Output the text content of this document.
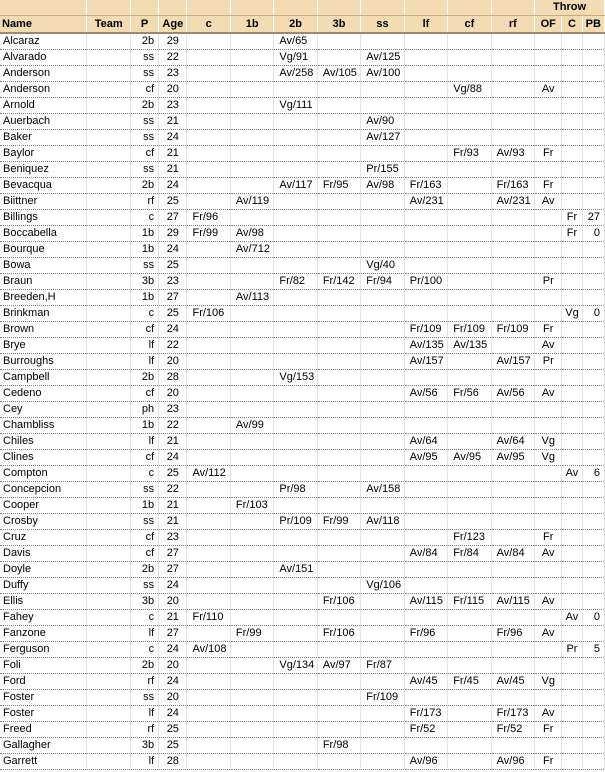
												Throw		
Name	Team	P	Age	c	1b	2b	3b	ss	lf	cf	rf	OF	C	PB
Alcaraz		2b	29			Av/65								
Alvarado		ss	22			Vg/91		Av/125						
Anderson		ss	23			Av/258	Av/105	Av/100						
Anderson		cf	20							Vg/88		Av		
Arnold		2b	23			Vg/111								
Auerbach		ss	21					Av/90						
Baker		ss	24					Av/127						
Baylor		cf	21							Fr/93	Av/93	Fr		
Beniquez		ss	21					Pr/155						
Bevacqua		2b	24			Av/117	Fr/95	Av/98	Fr/163		Fr/163	Fr		
Biittner		rf	25		Av/119				Av/231		Av/231	Av		
Billings		c	27	Fr/96									Fr	27
Boccabella		1b	29	Fr/99	Av/98								Fr	0
Bourque		1b	24		Av/712									
Bowa		ss	25					Vg/40						
Braun		3b	23			Fr/82	Fr/142	Fr/94	Pr/100			Pr		
Breeden,H		1b	27		Av/113									
Brinkman		c	25	Fr/106									Vg	0
Brown		cf	24						Fr/109	Fr/109	Fr/109	Fr		
Brye		lf	22						Av/135	Av/135		Av		
Burroughs		lf	20						Av/157		Av/157	Pr		
Campbell		2b	28			Vg/153								
Cedeno		cf	20						Av/56	Fr/56	Av/56	Av		
Cey		ph	23											
Chambliss		1b	22		Av/99									
Chiles		lf	21						Av/64		Av/64	Vg		
Clines		cf	24						Av/95	Av/95	Av/95	Vg		
Compton		c	25	Av/112									Av	6
Concepcion		ss	22			Pr/98		Av/158						
Cooper		1b	21		Fr/103									
Crosby		ss	21			Pr/109	Fr/99	Av/118						
Cruz		cf	23							Fr/123		Fr		
Davis		cf	27						Av/84	Fr/84	Av/84	Av		
Doyle		2b	27			Av/151								
Duffy		ss	24					Vg/106						
Ellis		3b	20				Fr/106		Av/115	Fr/115	Av/115	Av		
Fahey		c	21	Fr/110									Av	0
Fanzone		lf	27		Fr/99		Fr/106		Fr/96		Fr/96	Av		
Ferguson		c	24	Av/108									Pr	5
Foli		2b	20			Vg/134	Av/97	Fr/87						
Ford		rf	24						Av/45	Fr/45	Av/45	Vg		
Foster		ss	20					Fr/109						
Foster		lf	24						Fr/173		Fr/173	Av		
Freed		rf	25						Fr/52		Fr/52	Fr		
Gallagher		3b	25				Fr/98							
Garrett		lf	28						Av/96		Av/96	Fr		
